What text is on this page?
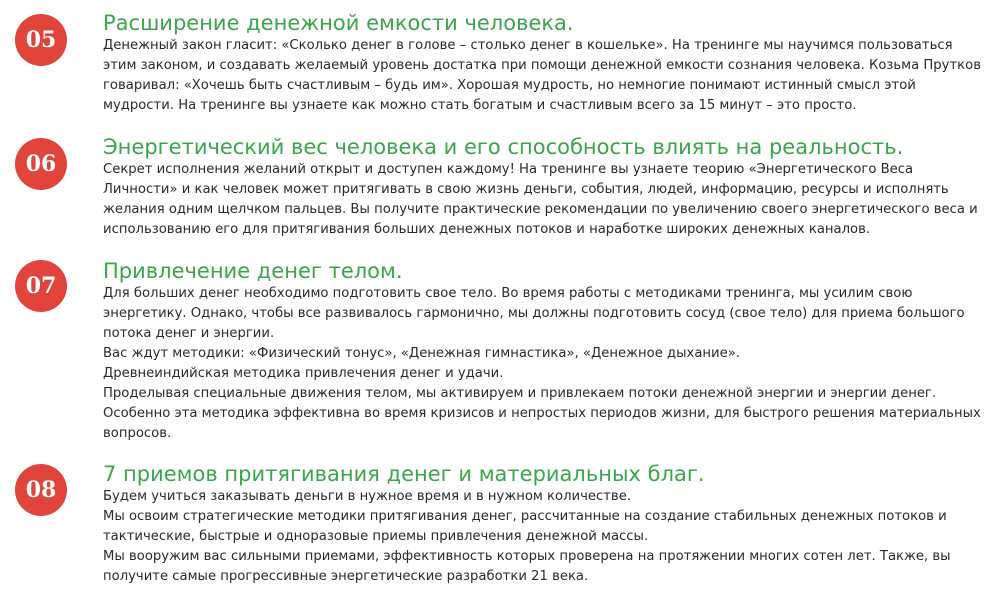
05
Расширение денежной емкости человека.

Денежный закон гласит: «Сколько денег в голове – столько денег в кошельке». На тренинге мы научимся пользоваться этим законом, и создавать желаемый уровень достатка при помощи денежной емкости сознания человека. Козьма Прутков говаривал: «Хочешь быть счастливым – будь им». Хорошая мудрость, но немногие понимают истинный смысл этой мудрости. На тренинге вы узнаете как можно стать богатым и счастливым всего за 15 минут – это просто.

06
Энергетический вес человека и его способность влиять на реальность.

Секрет исполнения желаний открыт и доступен каждому! На тренинге вы узнаете теорию «Энергетического Веса Личности» и как человек может притягивать в свою жизнь деньги, события, людей, информацию, ресурсы и исполнять желания одним щелчком пальцев. Вы получите практические рекомендации по увеличению своего энергетического веса и использованию его для притягивания больших денежных потоков и наработке широких денежных каналов.

07
Привлечение денег телом.

Для больших денег необходимо подготовить свое тело. Во время работы с методиками тренинга, мы усилим свою энергетику. Однако, чтобы все развивалось гармонично, мы должны подготовить сосуд (свое тело) для приема большого потока денег и энергии.
Вас ждут методики: «Физический тонус», «Денежная гимнастика», «Денежное дыхание».
Древнеиндийская методика привлечения денег и удачи.
Проделывая специальные движения телом, мы активируем и привлекаем потоки денежной энергии и энергии денег.
Особенно эта методика эффективна во время кризисов и непростых периодов жизни, для быстрого решения материальных вопросов.

08
7 приемов притягивания денег и материальных благ.

Будем учиться заказывать деньги в нужное время и в нужном количестве.
Мы освоим стратегические методики притягивания денег, рассчитанные на создание стабильных денежных потоков и тактические, быстрые и одноразовые приемы привлечения денежной массы.
Мы вооружим вас сильными приемами, эффективность которых проверена на протяжении многих сотен лет. Также, вы получите самые прогрессивные энергетические разработки 21 века.
